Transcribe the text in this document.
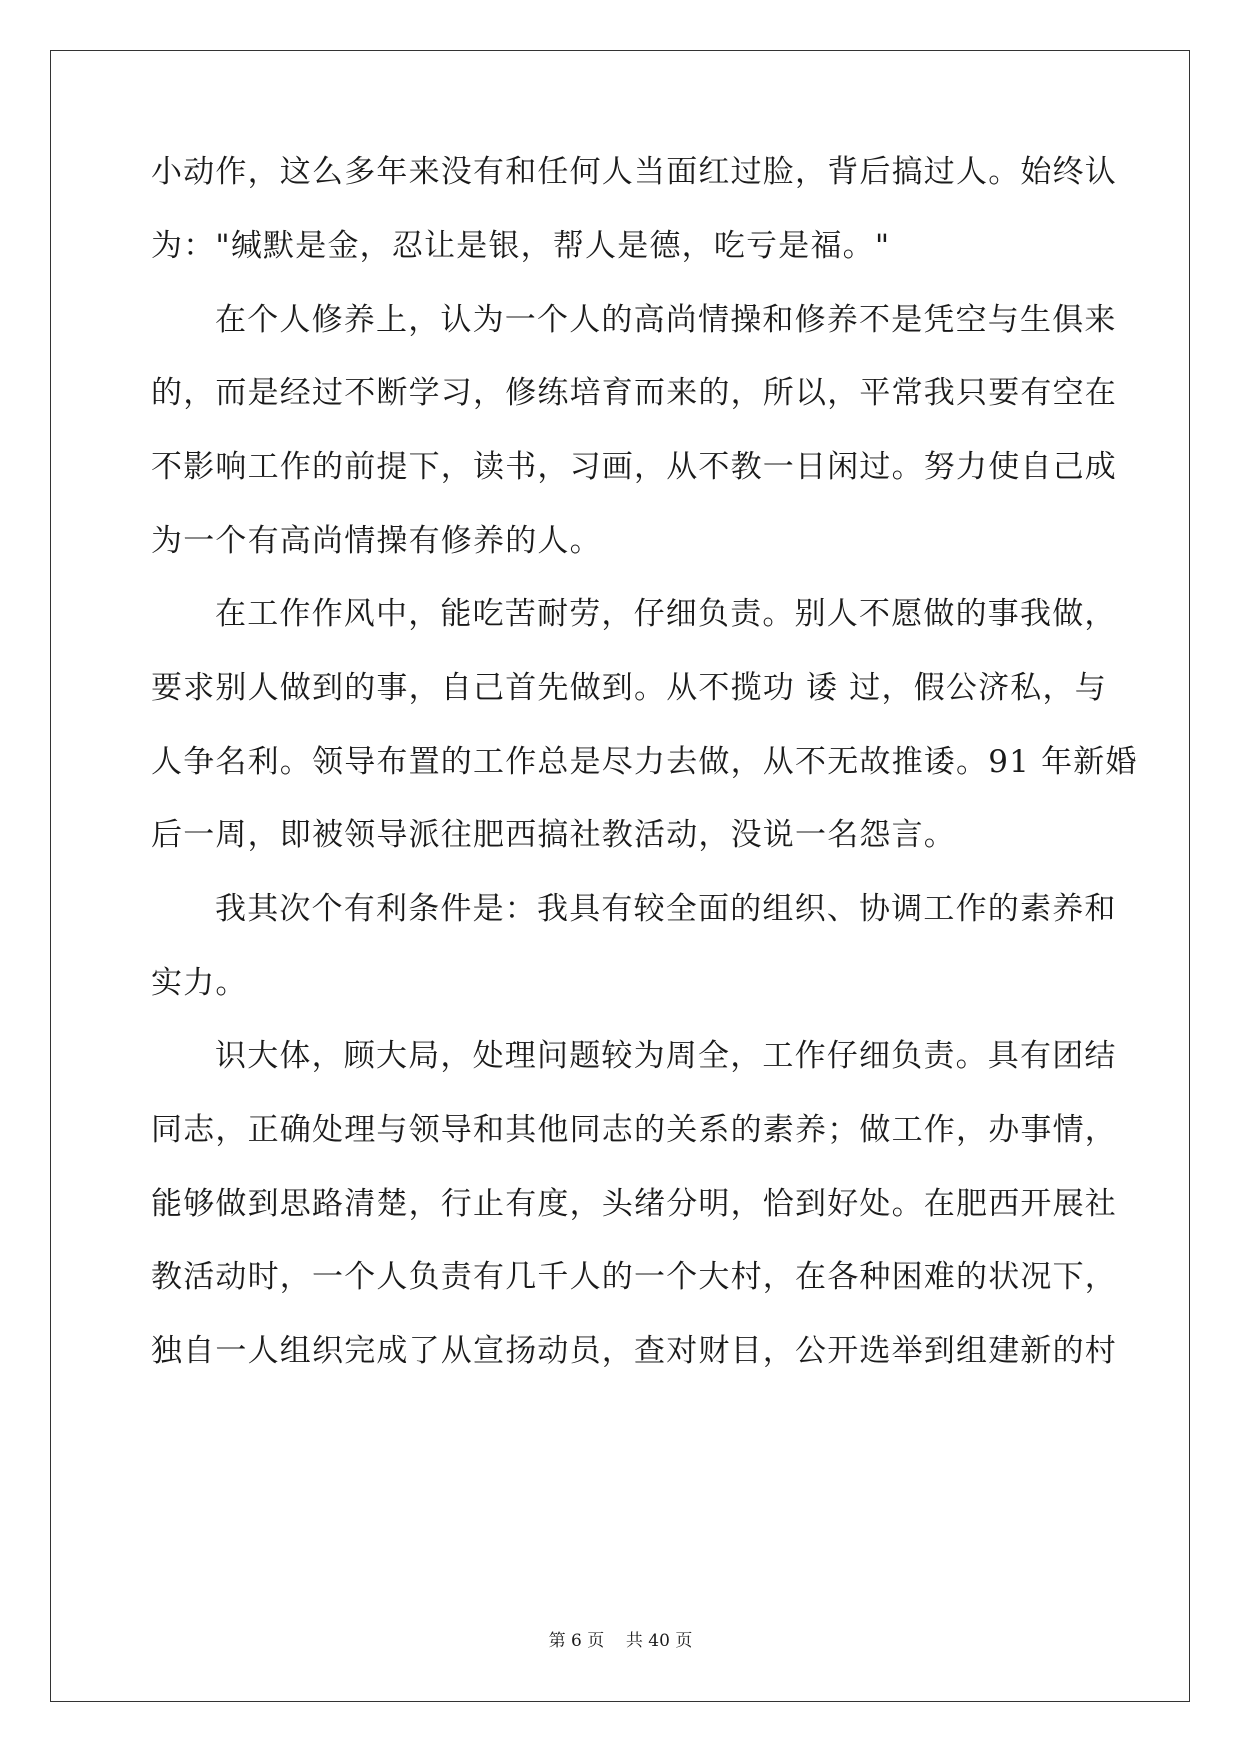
小动作，这么多年来没有和任何人当面红过脸，背后搞过人。始终认
为："缄默是金，忍让是银，帮人是德，吃亏是福。"
在个人修养上，认为一个人的高尚情操和修养不是凭空与生俱来
的，而是经过不断学习，修练培育而来的，所以，平常我只要有空在
不影响工作的前提下，读书，习画，从不教一日闲过。努力使自己成
为一个有高尚情操有修养的人。
在工作作风中，能吃苦耐劳，仔细负责。别人不愿做的事我做，
要求别人做到的事，自己首先做到。从不揽功 诿 过，假公济私，与
人争名利。领导布置的工作总是尽力去做，从不无故推诿。91 年新婚
后一周，即被领导派往肥西搞社教活动，没说一名怨言。
我其次个有利条件是：我具有较全面的组织、协调工作的素养和
实力。
识大体，顾大局，处理问题较为周全，工作仔细负责。具有团结
同志，正确处理与领导和其他同志的关系的素养；做工作，办事情，
能够做到思路清楚，行止有度，头绪分明，恰到好处。在肥西开展社
教活动时，一个人负责有几千人的一个大村，在各种困难的状况下，
独自一人组织完成了从宣扬动员，查对财目，公开选举到组建新的村
第 6 页    共 40 页
